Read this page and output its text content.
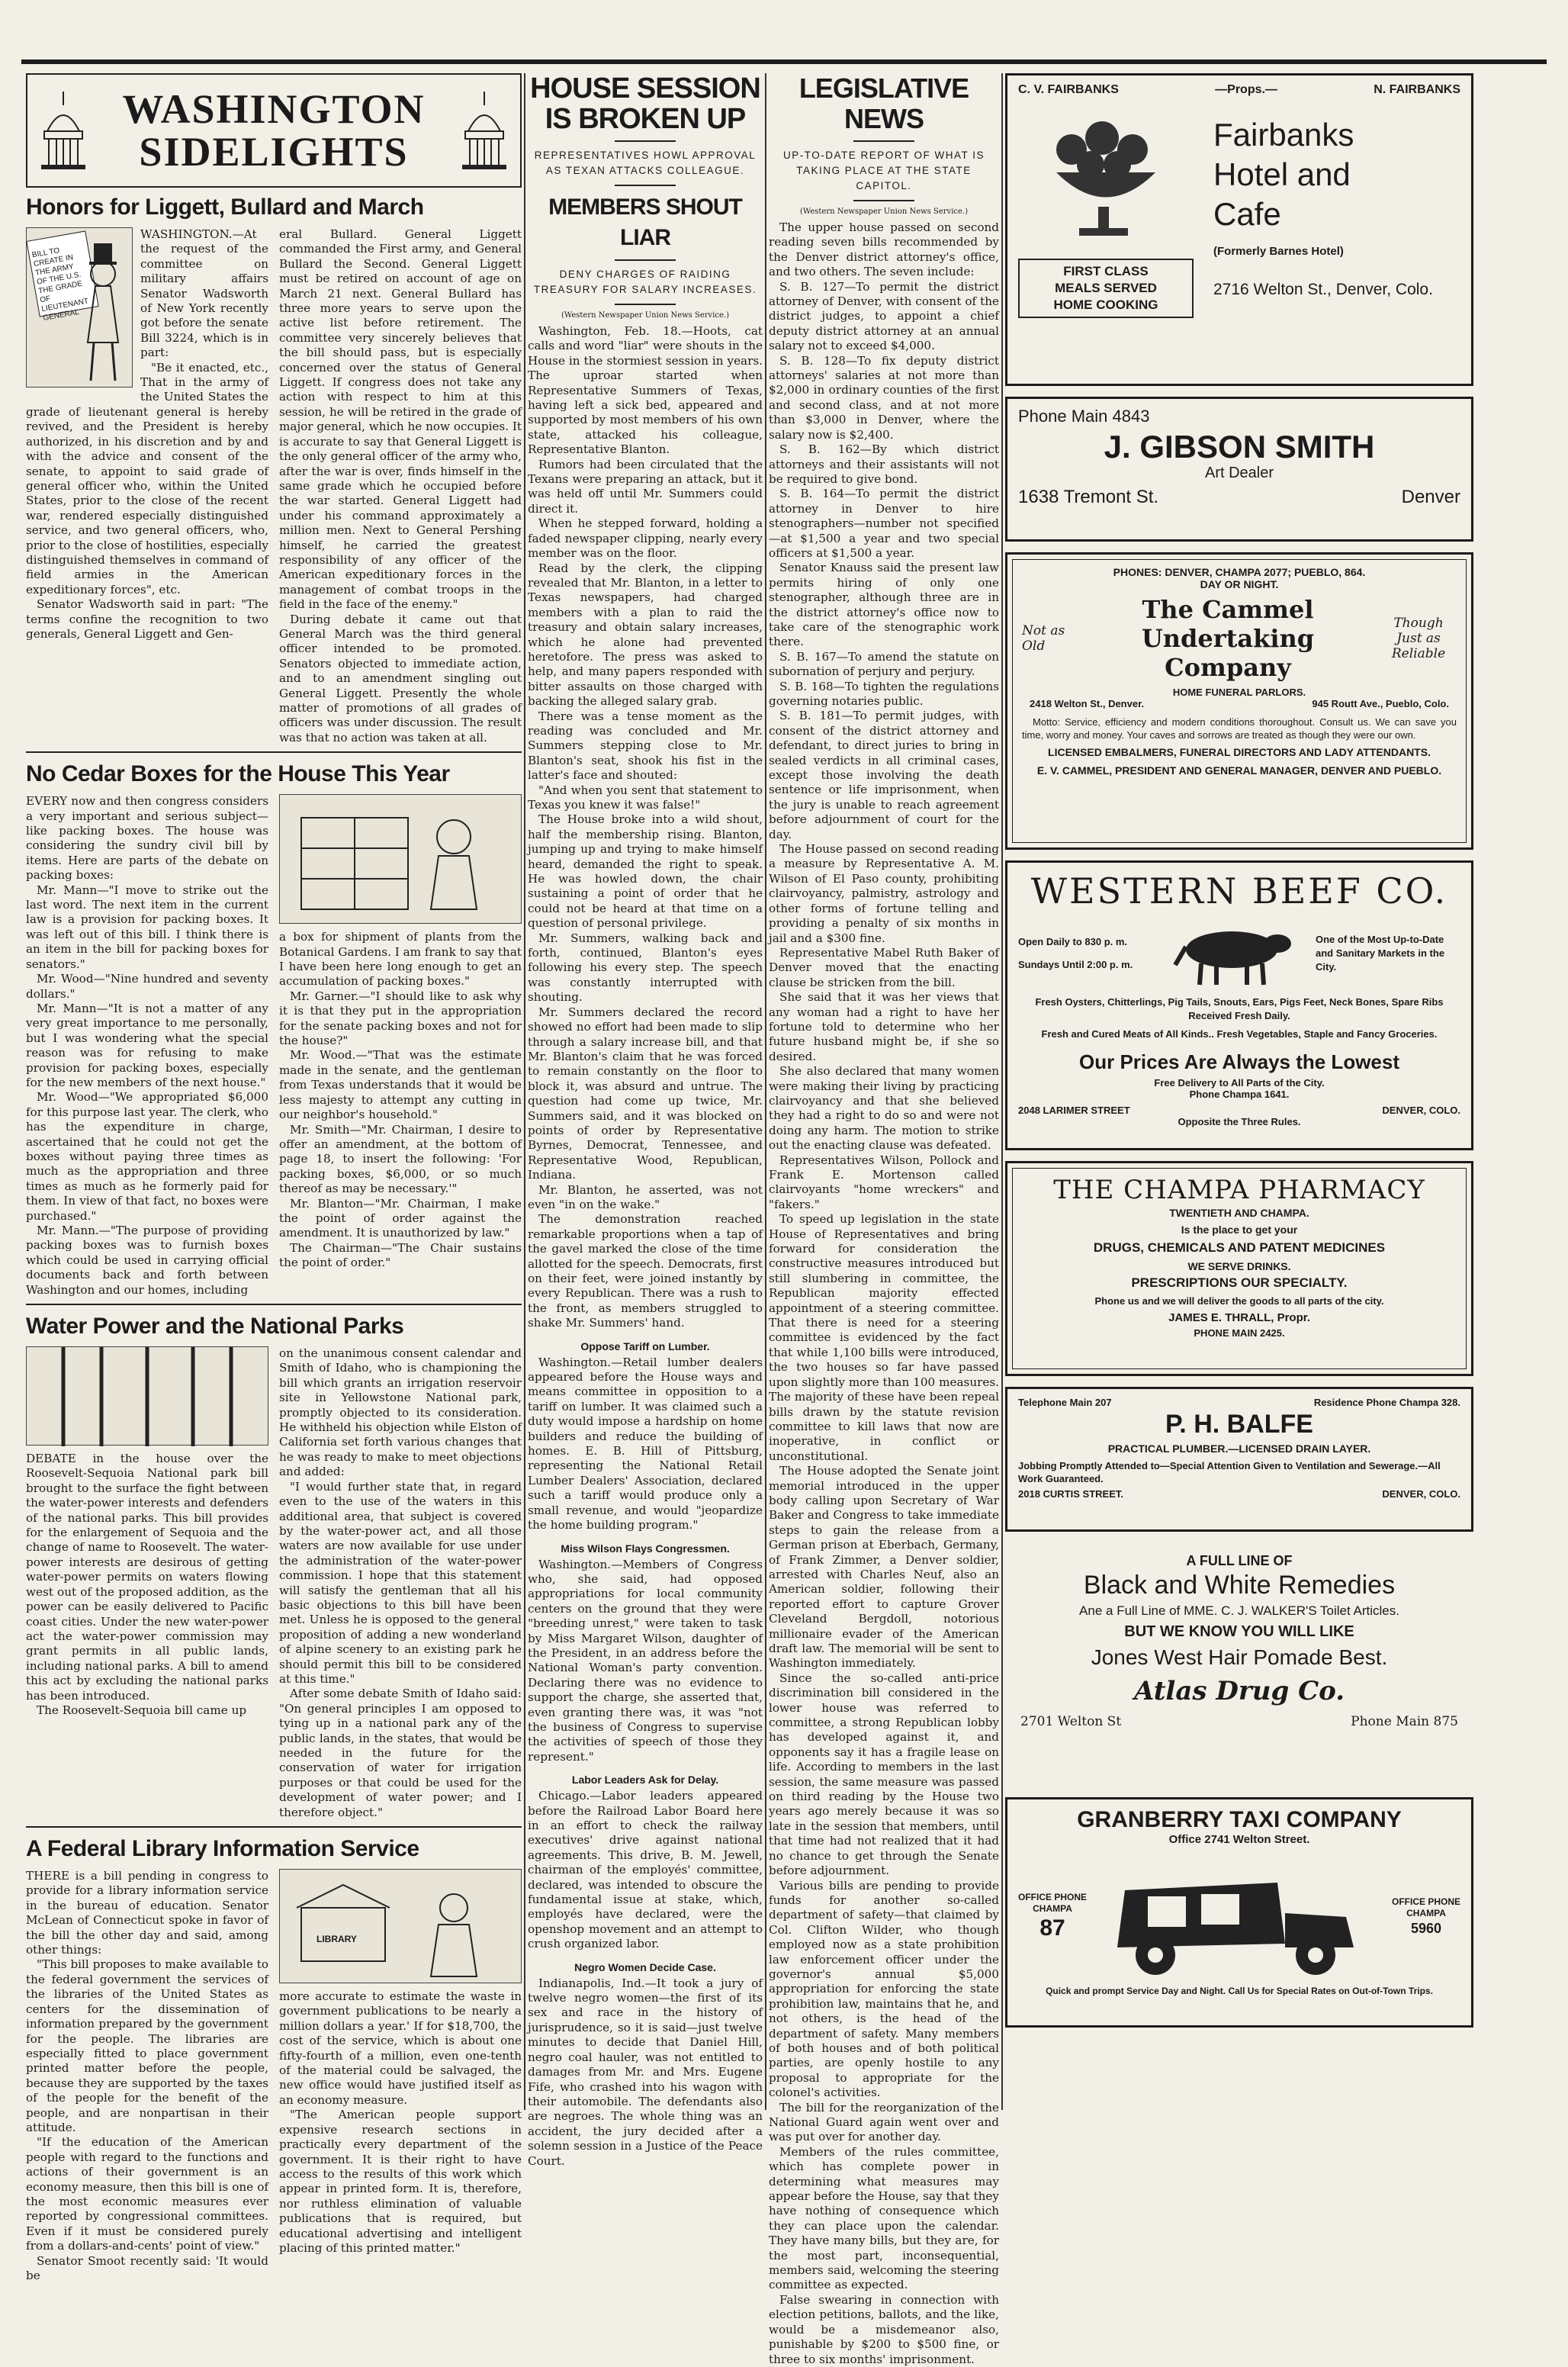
WASHINGTON
SIDELIGHTS
Honors for Liggett, Bullard and March
BILL TO CREATE IN THE ARMY OF THE U.S. THE GRADE OF LIEUTENANT GENERAL

WASHINGTON.—At the request of the committee on military affairs Senator Wadsworth of New York recently got before the senate Bill 3224, which is in part:

"Be it enacted, etc., That in the army of the United States the grade of lieutenant general is hereby revived, and the President is hereby authorized, in his discretion and by and with the advice and consent of the senate, to appoint to said grade of general officer who, within the United States, prior to the close of the recent war, rendered especially distinguished service, and two general officers, who, prior to the close of hostilities, especially distinguished themselves in command of field armies in the American expeditionary forces", etc.

Senator Wadsworth said in part: "The terms confine the recognition to two generals, General Liggett and Gen-

eral Bullard. General Liggett commanded the First army, and General Bullard the Second. General Liggett must be retired on account of age on March 21 next. General Bullard has three more years to serve upon the active list before retirement. The committee very sincerely believes that the bill should pass, but is especially concerned over the status of General Liggett. If congress does not take any action with respect to him at this session, he will be retired in the grade of major general, which he now occupies. It is accurate to say that General Liggett is the only general officer of the army who, after the war is over, finds himself in the same grade which he occupied before the war started. General Liggett had under his command approximately a million men. Next to General Pershing himself, he carried the greatest responsibility of any officer of the American expeditionary forces in the management of combat troops in the field in the face of the enemy."

During debate it came out that General March was the third general officer intended to be promoted. Senators objected to immediate action, and to an amendment singling out General Liggett. Presently the whole matter of promotions of all grades of officers was under discussion. The result was that no action was taken at all.

No Cedar Boxes for the House This Year

EVERY now and then congress considers a very important and serious subject—like packing boxes. The house was considering the sundry civil bill by items. Here are parts of the debate on packing boxes:

Mr. Mann—"I move to strike out the last word. The next item in the current law is a provision for packing boxes. It was left out of this bill. I think there is an item in the bill for packing boxes for senators."

Mr. Wood—"Nine hundred and seventy dollars."

Mr. Mann—"It is not a matter of any very great importance to me personally, but I was wondering what the special reason was for refusing to make provision for packing boxes, especially for the new members of the next house."

Mr. Wood—"We appropriated $6,000 for this purpose last year. The clerk, who has the expenditure in charge, ascertained that he could not get the boxes without paying three times as much as the appropriation and three times as much as he formerly paid for them. In view of that fact, no boxes were purchased."

Mr. Mann.—"The purpose of providing packing boxes was to furnish boxes which could be used in carrying official documents back and forth between Washington and our homes, including

a box for shipment of plants from the Botanical Gardens. I am frank to say that I have been here long enough to get an accumulation of packing boxes."

Mr. Garner.—"I should like to ask why it is that they put in the appropriation for the senate packing boxes and not for the house?"

Mr. Wood.—"That was the estimate made in the senate, and the gentleman from Texas understands that it would be less majesty to attempt any cutting in our neighbor's household."

Mr. Smith—"Mr. Chairman, I desire to offer an amendment, at the bottom of page 18, to insert the following: 'For packing boxes, $6,000, or so much thereof as may be necessary.'"

Mr. Blanton—"Mr. Chairman, I make the point of order against the amendment. It is unauthorized by law."

The Chairman—"The Chair sustains the point of order."

Water Power and the National Parks

DEBATE in the house over the Roosevelt-Sequoia National park bill brought to the surface the fight between the water-power interests and defenders of the national parks. This bill provides for the enlargement of Sequoia and the change of name to Roosevelt. The water-power interests are desirous of getting water-power permits on waters flowing west out of the proposed addition, as the power can be easily delivered to Pacific coast cities. Under the new water-power act the water-power commission may grant permits in all public lands, including national parks. A bill to amend this act by excluding the national parks has been introduced.

The Roosevelt-Sequoia bill came up

on the unanimous consent calendar and Smith of Idaho, who is championing the bill which grants an irrigation reservoir site in Yellowstone National park, promptly objected to its consideration. He withheld his objection while Elston of California set forth various changes that he was ready to make to meet objections and added:

"I would further state that, in regard even to the use of the waters in this additional area, that subject is covered by the water-power act, and all those waters are now available for use under the administration of the water-power commission. I hope that this statement will satisfy the gentleman that all his basic objections to this bill have been met. Unless he is opposed to the general proposition of adding a new wonderland of alpine scenery to an existing park he should permit this bill to be considered at this time."

After some debate Smith of Idaho said: "On general principles I am opposed to tying up in a national park any of the public lands, in the states, that would be needed in the future for the conservation of water for irrigation purposes or that could be used for the development of water power; and I therefore object."

A Federal Library Information Service

THERE is a bill pending in congress to provide for a library information service in the bureau of education. Senator McLean of Connecticut spoke in favor of the bill the other day and said, among other things:

"This bill proposes to make available to the federal government the services of the libraries of the United States as centers for the dissemination of information prepared by the government for the people. The libraries are especially fitted to place government printed matter before the people, because they are supported by the taxes of the people for the benefit of the people, and are nonpartisan in their attitude.

"If the education of the American people with regard to the functions and actions of their government is an economy measure, then this bill is one of the most economic measures ever reported by congressional committees. Even if it must be considered purely from a dollars-and-cents' point of view."

Senator Smoot recently said: 'It would be

LIBRARY

more accurate to estimate the waste in government publications to be nearly a million dollars a year.' If for $18,700, the cost of the service, which is about one fifty-fourth of a million, even one-tenth of the material could be salvaged, the new office would have justified itself as an economy measure.

"The American people support expensive research sections in practically every department of the government. It is their right to have access to the results of this work which appear in printed form. It is, therefore, nor ruthless elimination of valuable publications that is required, but educational advertising and intelligent placing of this printed matter."

HOUSE SESSION
IS BROKEN UP
REPRESENTATIVES HOWL APPROVAL AS TEXAN ATTACKS COLLEAGUE.
MEMBERS SHOUT LIAR
DENY CHARGES OF RAIDING TREASURY FOR SALARY INCREASES.
(Western Newspaper Union News Service.)

Washington, Feb. 18.—Hoots, cat calls and word "liar" were shouts in the House in the stormiest session in years. The uproar started when Representative Summers of Texas, having left a sick bed, appeared and supported by most members of his own state, attacked his colleague, Representative Blanton.

Rumors had been circulated that the Texans were preparing an attack, but it was held off until Mr. Summers could direct it.

When he stepped forward, holding a faded newspaper clipping, nearly every member was on the floor.

Read by the clerk, the clipping revealed that Mr. Blanton, in a letter to Texas newspapers, had charged members with a plan to raid the treasury and obtain salary increases, which he alone had prevented heretofore. The press was asked to help, and many papers responded with bitter assaults on those charged with backing the alleged salary grab.

There was a tense moment as the reading was concluded and Mr. Summers stepping close to Mr. Blanton's seat, shook his fist in the latter's face and shouted:

"And when you sent that statement to Texas you knew it was false!"

The House broke into a wild shout, half the membership rising. Blanton, jumping up and trying to make himself heard, demanded the right to speak. He was howled down, the chair sustaining a point of order that he could not be heard at that time on a question of personal privilege.

Mr. Summers, walking back and forth, continued, Blanton's eyes following his every step. The speech was constantly interrupted with shouting.

Mr. Summers declared the record showed no effort had been made to slip through a salary increase bill, and that Mr. Blanton's claim that he was forced to remain constantly on the floor to block it, was absurd and untrue. The question had come up twice, Mr. Summers said, and it was blocked on points of order by Representative Byrnes, Democrat, Tennessee, and Representative Wood, Republican, Indiana.

Mr. Blanton, he asserted, was not even "in on the wake."

The demonstration reached remarkable proportions when a tap of the gavel marked the close of the time allotted for the speech. Democrats, first on their feet, were joined instantly by every Republican. There was a rush to the front, as members struggled to shake Mr. Summers' hand.

Oppose Tariff on Lumber.

Washington.—Retail lumber dealers appeared before the House ways and means committee in opposition to a tariff on lumber. It was claimed such a duty would impose a hardship on home builders and reduce the building of homes. E. B. Hill of Pittsburg, representing the National Retail Lumber Dealers' Association, declared such a tariff would produce only a small revenue, and would "jeopardize the home building program."

Miss Wilson Flays Congressmen.

Washington.—Members of Congress who, she said, had opposed appropriations for local community centers on the ground that they were "breeding unrest," were taken to task by Miss Margaret Wilson, daughter of the President, in an address before the National Woman's party convention. Declaring there was no evidence to support the charge, she asserted that, even granting there was, it was "not the business of Congress to supervise the activities of speech of those they represent."

Labor Leaders Ask for Delay.

Chicago.—Labor leaders appeared before the Railroad Labor Board here in an effort to check the railway executives' drive against national agreements. This drive, B. M. Jewell, chairman of the employés' committee, declared, was intended to obscure the fundamental issue at stake, which, employés have declared, were the openshop movement and an attempt to crush organized labor.

Negro Women Decide Case.

Indianapolis, Ind.—It took a jury of twelve negro women—the first of its sex and race in the history of jurisprudence, so it is said—just twelve minutes to decide that Daniel Hill, negro coal hauler, was not entitled to damages from Mr. and Mrs. Eugene Fife, who crashed into his wagon with their automobile. The defendants also are negroes. The whole thing was an accident, the jury decided after a solemn session in a Justice of the Peace Court.

LEGISLATIVE NEWS
UP-TO-DATE REPORT OF WHAT IS TAKING PLACE AT THE STATE CAPITOL.
(Western Newspaper Union News Service.)

The upper house passed on second reading seven bills recommended by the Denver district attorney's office, and two others. The seven include:

S. B. 127—To permit the district attorney of Denver, with consent of the district judges, to appoint a chief deputy district attorney at an annual salary not to exceed $4,000.

S. B. 128—To fix deputy district attorneys' salaries at not more than $2,000 in ordinary counties of the first and second class, and at not more than $3,000 in Denver, where the salary now is $2,400.

S. B. 162—By which district attorneys and their assistants will not be required to give bond.

S. B. 164—To permit the district attorney in Denver to hire stenographers—number not specified—at $1,500 a year and two special officers at $1,500 a year.

Senator Knauss said the present law permits hiring of only one stenographer, although three are in the district attorney's office now to take care of the stenographic work there.

S. B. 167—To amend the statute on subornation of perjury and perjury.

S. B. 168—To tighten the regulations governing notaries public.

S. B. 181—To permit judges, with consent of the district attorney and defendant, to direct juries to bring in sealed verdicts in all criminal cases, except those involving the death sentence or life imprisonment, when the jury is unable to reach agreement before adjournment of court for the day.

The House passed on second reading a measure by Representative A. M. Wilson of El Paso county, prohibiting clairvoyancy, palmistry, astrology and other forms of fortune telling and providing a penalty of six months in jail and a $300 fine.

Representative Mabel Ruth Baker of Denver moved that the enacting clause be stricken from the bill.

She said that it was her views that any woman had a right to have her fortune told to determine who her future husband might be, if she so desired.

She also declared that many women were making their living by practicing clairvoyancy and that she believed they had a right to do so and were not doing any harm. The motion to strike out the enacting clause was defeated.

Representatives Wilson, Pollock and Frank E. Mortenson called clairvoyants "home wreckers" and "fakers."

To speed up legislation in the state House of Representatives and bring forward for consideration the constructive measures introduced but still slumbering in committee, the Republican majority effected appointment of a steering committee. That there is need for a steering committee is evidenced by the fact that while 1,100 bills were introduced, the two houses so far have passed upon slightly more than 100 measures. The majority of these have been repeal bills drawn by the statute revision committee to kill laws that now are inoperative, in conflict or unconstitutional.

The House adopted the Senate joint memorial introduced in the upper body calling upon Secretary of War Baker and Congress to take immediate steps to gain the release from a German prison at Eberbach, Germany, of Frank Zimmer, a Denver soldier, arrested with Charles Neuf, also an American soldier, following their reported effort to capture Grover Cleveland Bergdoll, notorious millionaire evader of the American draft law. The memorial will be sent to Washington immediately.

Since the so-called anti-price discrimination bill considered in the lower house was referred to committee, a strong Republican lobby has developed against it, and opponents say it has a fragile lease on life. According to members in the last session, the same measure was passed on third reading by the House two years ago merely because it was so late in the session that members, until that time had not realized that it had no chance to get through the Senate before adjournment.

Various bills are pending to provide funds for another so-called department of safety—that claimed by Col. Clifton Wilder, who though employed now as a state prohibition law enforcement officer under the governor's annual $5,000 appropriation for enforcing the state prohibition law, maintains that he, and not others, is the head of the department of safety. Many members of both houses and of both political parties, are openly hostile to any proposal to appropriate for the colonel's activities.

The bill for the reorganization of the National Guard again went over and was put over for another day.

Members of the rules committee, which has complete power in determining what measures may appear before the House, say that they have nothing of consequence which they can place upon the calendar. They have many bills, but they are, for the most part, inconsequential, members said, welcoming the steering committee as expected.

False swearing in connection with election petitions, ballots, and the like, would be a misdemeanor also, punishable by $200 to $500 fine, or three to six months' imprisonment.

C. V. FAIRBANKS	—Props.—	N. FAIRBANKS
FIRST CLASS
MEALS SERVED
HOME COOKING
Fairbanks
Hotel and
Cafe
(Formerly Barnes Hotel)
2716 Welton St., Denver, Colo.
Phone Main 4843
J. GIBSON SMITH
Art Dealer
1638 Tremont St.	Denver
PHONES: DENVER, CHAMPA 2077; PUEBLO, 864.
DAY OR NIGHT.
Not as Old
The Cammel
Undertaking Company
Though Just as Reliable
HOME FUNERAL PARLORS.
2418 Welton St., Denver.	945 Routt Ave., Pueblo, Colo.

Motto: Service, efficiency and modern conditions thoroughout. Consult us. We can save you time, worry and money. Your caves and sorrows are treated as though they were our own.

LICENSED EMBALMERS, FUNERAL DIRECTORS AND LADY ATTENDANTS.
E. V. CAMMEL, PRESIDENT AND GENERAL MANAGER, DENVER AND PUEBLO.
WESTERN BEEF CO.
Open Daily to 830 p. m.
Sundays Until 2:00 p. m.
One of the Most Up-to-Date and Sanitary Markets in the City.
Fresh Oysters, Chitterlings, Pig Tails, Snouts, Ears, Pigs Feet, Neck Bones, Spare Ribs Received Fresh Daily.
Fresh and Cured Meats of All Kinds.. Fresh Vegetables, Staple and Fancy Groceries.
Our Prices Are Always the Lowest
Free Delivery to All Parts of the City.
Phone Champa 1641.
2048 LARIMER STREET	DENVER, COLO.
Opposite the Three Rules.
THE CHAMPA PHARMACY
TWENTIETH AND CHAMPA.
Is the place to get your
DRUGS, CHEMICALS AND PATENT MEDICINES
WE SERVE DRINKS.
PRESCRIPTIONS OUR SPECIALTY.
Phone us and we will deliver the goods to all parts of the city.
JAMES E. THRALL, Propr.
PHONE MAIN 2425.
Telephone Main 207	Residence Phone Champa 328.
P. H. BALFE
PRACTICAL PLUMBER.—LICENSED DRAIN LAYER.
Jobbing Promptly Attended to—Special Attention Given to Ventilation and Sewerage.—All Work Guaranteed.
2018 CURTIS STREET.	DENVER, COLO.
A FULL LINE OF
Black and White Remedies
Ane a Full Line of MME. C. J. WALKER'S Toilet Articles.
BUT WE KNOW YOU WILL LIKE
Jones West Hair Pomade Best.
Atlas Drug Co.
2701 Welton St	Phone Main 875
GRANBERRY TAXI COMPANY
Office 2741 Welton Street.
OFFICE PHONE CHAMPA
87
OFFICE PHONE CHAMPA
5960
Quick and prompt Service Day and Night. Call Us for Special Rates on Out-of-Town Trips.
